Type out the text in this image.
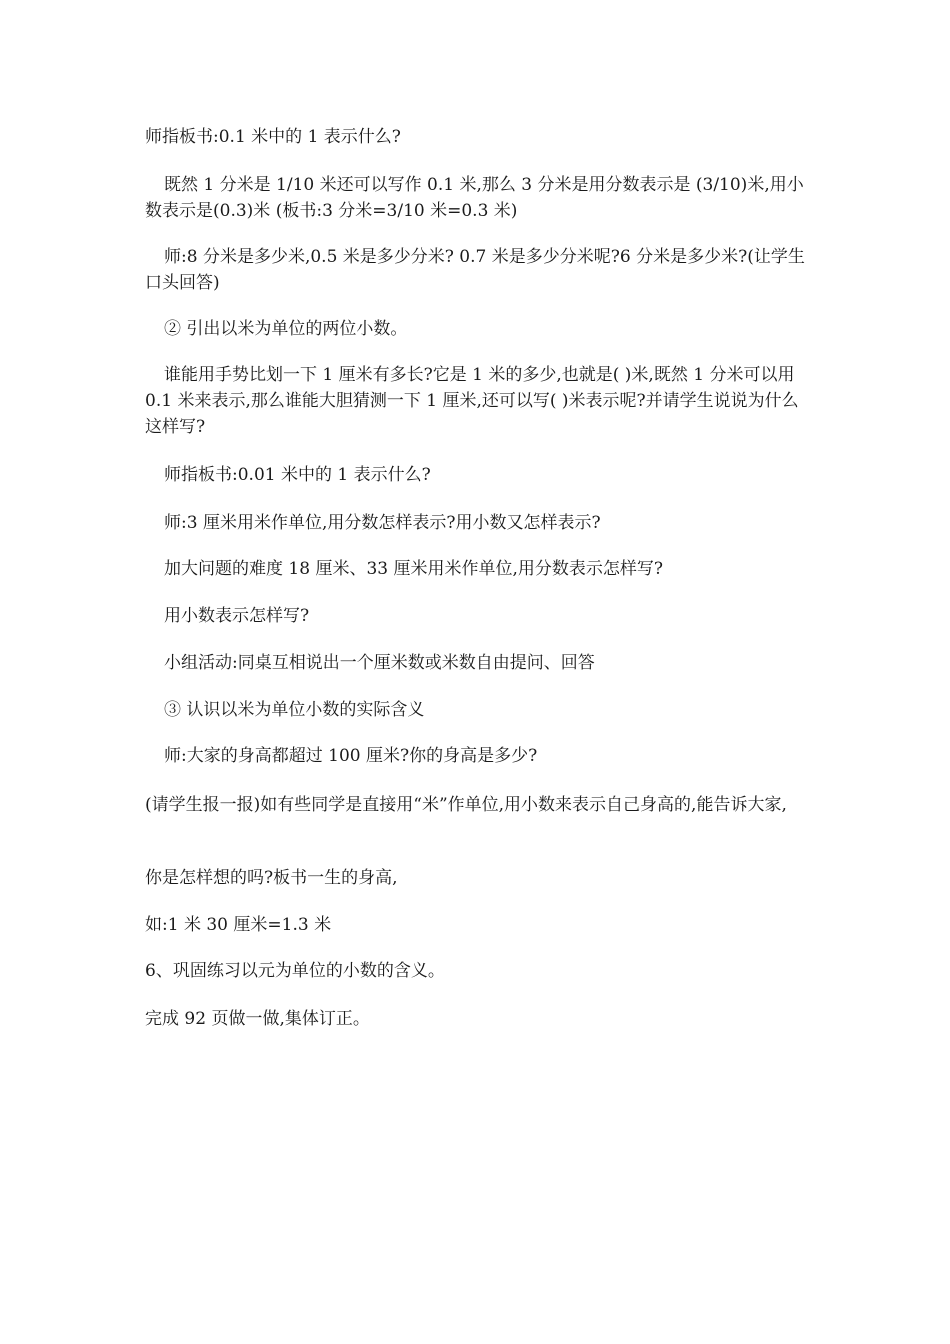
师指板书:0.1 米中的 1 表示什么?

既然 1 分米是 1/10 米还可以写作 0.1 米,那么 3 分米是用分数表示是 (3/10)米,用小数表示是(0.3)米 (板书:3 分米=3/10 米=0.3 米)

师:8 分米是多少米,0.5 米是多少分米? 0.7 米是多少分米呢?6 分米是多少米?(让学生口头回答)

② 引出以米为单位的两位小数。

谁能用手势比划一下 1 厘米有多长?它是 1 米的多少,也就是( )米,既然 1 分米可以用 0.1 米来表示,那么谁能大胆猜测一下 1 厘米,还可以写( )米表示呢?并请学生说说为什么这样写?

师指板书:0.01 米中的 1 表示什么?

师:3 厘米用米作单位,用分数怎样表示?用小数又怎样表示?

加大问题的难度 18 厘米、33 厘米用米作单位,用分数表示怎样写?

用小数表示怎样写?

小组活动:同桌互相说出一个厘米数或米数自由提问、回答

③ 认识以米为单位小数的实际含义

师:大家的身高都超过 100 厘米?你的身高是多少?

(请学生报一报)如有些同学是直接用“米”作单位,用小数来表示自己身高的,能告诉大家,

你是怎样想的吗?板书一生的身高,

如:1 米 30 厘米=1.3 米

6、巩固练习以元为单位的小数的含义。

完成 92 页做一做,集体订正。
